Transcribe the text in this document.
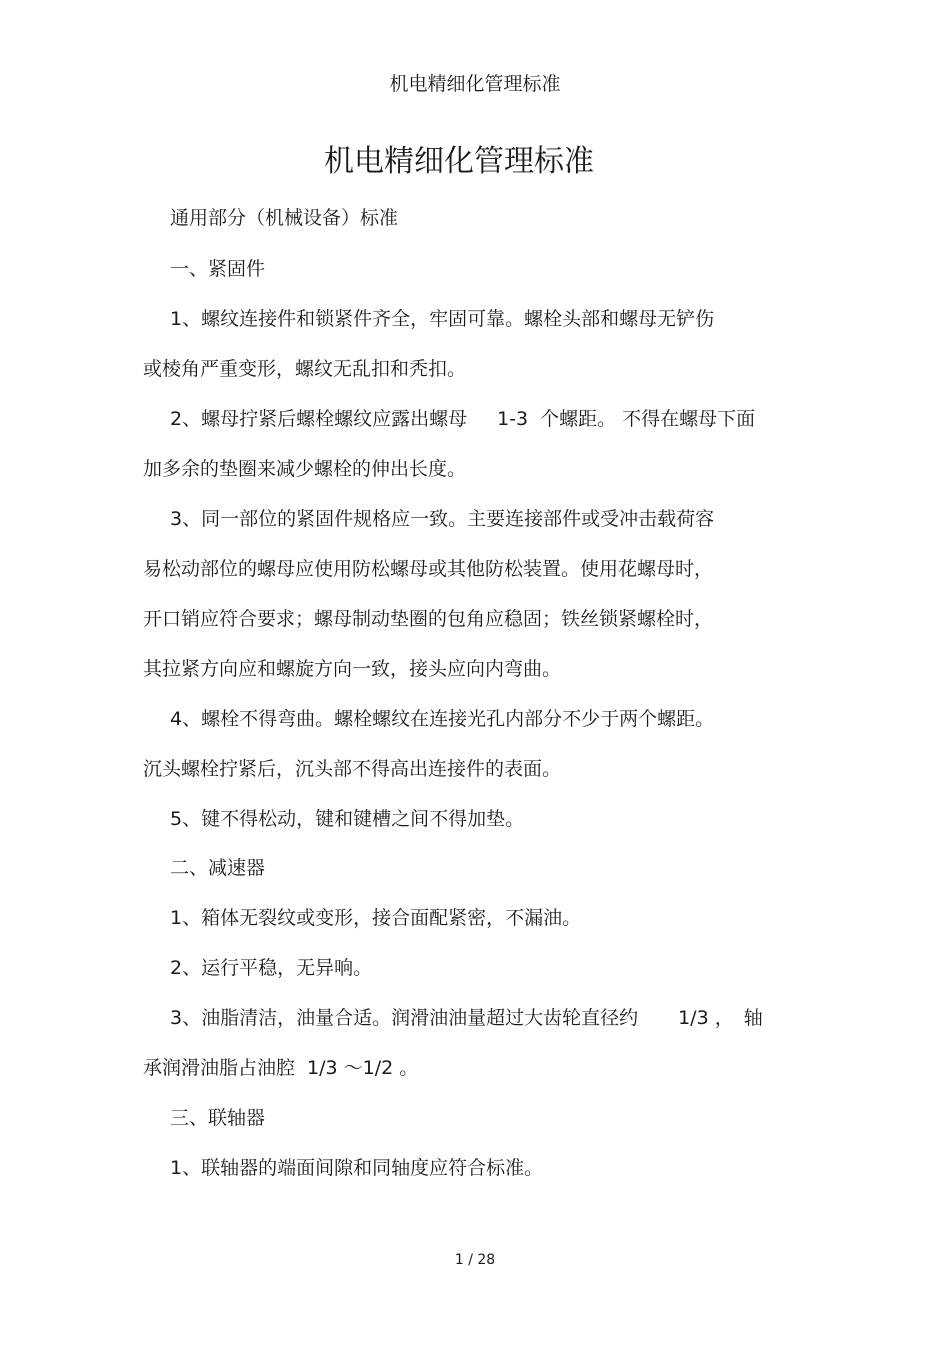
机电精细化管理标准
机电精细化管理标准
通用部分（机械设备）标准
一、紧固件
1、螺纹连接件和锁紧件齐全，牢固可靠。螺栓头部和螺母无铲伤
或棱角严重变形，螺纹无乱扣和秃扣。
2、螺母拧紧后螺栓螺纹应露出螺母 1-3 个螺距。 不得在螺母下面
加多余的垫圈来减少螺栓的伸出长度。
3、同一部位的紧固件规格应一致。主要连接部件或受冲击载荷容
易松动部位的螺母应使用防松螺母或其他防松装置。使用花螺母时，
开口销应符合要求；螺母制动垫圈的包角应稳固；铁丝锁紧螺栓时，
其拉紧方向应和螺旋方向一致，接头应向内弯曲。
4、螺栓不得弯曲。螺栓螺纹在连接光孔内部分不少于两个螺距。
沉头螺栓拧紧后，沉头部不得高出连接件的表面。
5、键不得松动，键和键槽之间不得加垫。
二、减速器
1、箱体无裂纹或变形，接合面配紧密，不漏油。
2、运行平稳，无异响。
3、油脂清洁，油量合适。润滑油油量超过大齿轮直径约 1/3 ， 轴
承润滑油脂占油腔 1/3 ～1/2 。
三、联轴器
1、联轴器的端面间隙和同轴度应符合标准。
1 / 28
